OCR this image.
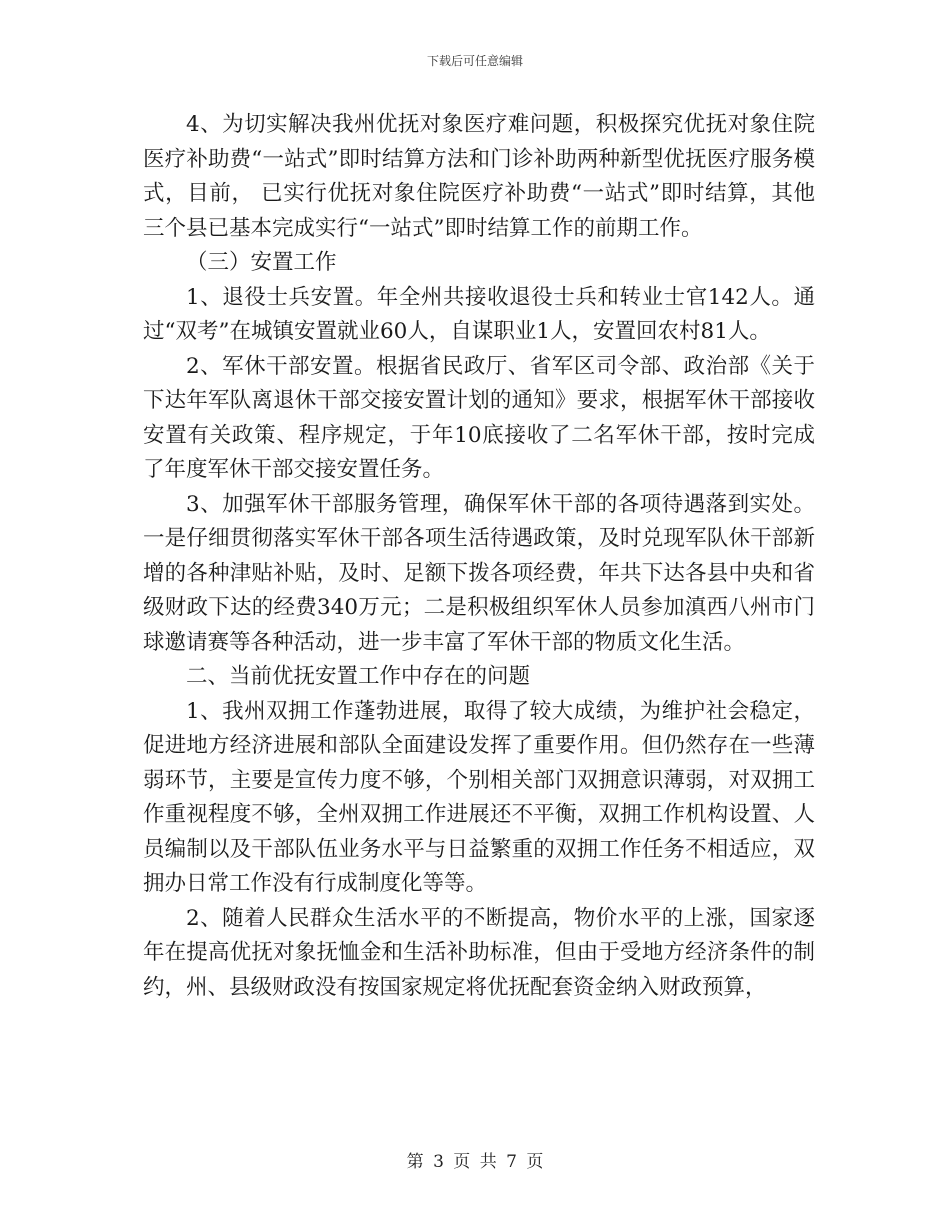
下载后可任意编辑

4、为切实解决我州优抚对象医疗难问题，积极探究优抚对象住院医疗补助费“一站式”即时结算方法和门诊补助两种新型优抚医疗服务模式，目前， 已实行优抚对象住院医疗补助费“一站式”即时结算，其他三个县已基本完成实行“一站式”即时结算工作的前期工作。

（三）安置工作

1、退役士兵安置。年全州共接收退役士兵和转业士官142人。通过“双考”在城镇安置就业60人，自谋职业1人，安置回农村81人。

2、军休干部安置。根据省民政厅、省军区司令部、政治部《关于下达年军队离退休干部交接安置计划的通知》要求，根据军休干部接收安置有关政策、程序规定，于年10底接收了二名军休干部，按时完成了年度军休干部交接安置任务。

3、加强军休干部服务管理，确保军休干部的各项待遇落到实处。一是仔细贯彻落实军休干部各项生活待遇政策，及时兑现军队休干部新增的各种津贴补贴，及时、足额下拨各项经费，年共下达各县中央和省级财政下达的经费340万元；二是积极组织军休人员参加滇西八州市门球邀请赛等各种活动，进一步丰富了军休干部的物质文化生活。

二、当前优抚安置工作中存在的问题

1、我州双拥工作蓬勃进展，取得了较大成绩，为维护社会稳定，促进地方经济进展和部队全面建设发挥了重要作用。但仍然存在一些薄弱环节，主要是宣传力度不够，个别相关部门双拥意识薄弱，对双拥工作重视程度不够，全州双拥工作进展还不平衡，双拥工作机构设置、人员编制以及干部队伍业务水平与日益繁重的双拥工作任务不相适应，双拥办日常工作没有行成制度化等等。

2、随着人民群众生活水平的不断提高，物价水平的上涨，国家逐年在提高优抚对象抚恤金和生活补助标准，但由于受地方经济条件的制约，州、县级财政没有按国家规定将优抚配套资金纳入财政预算，

第 3 页 共 7 页
